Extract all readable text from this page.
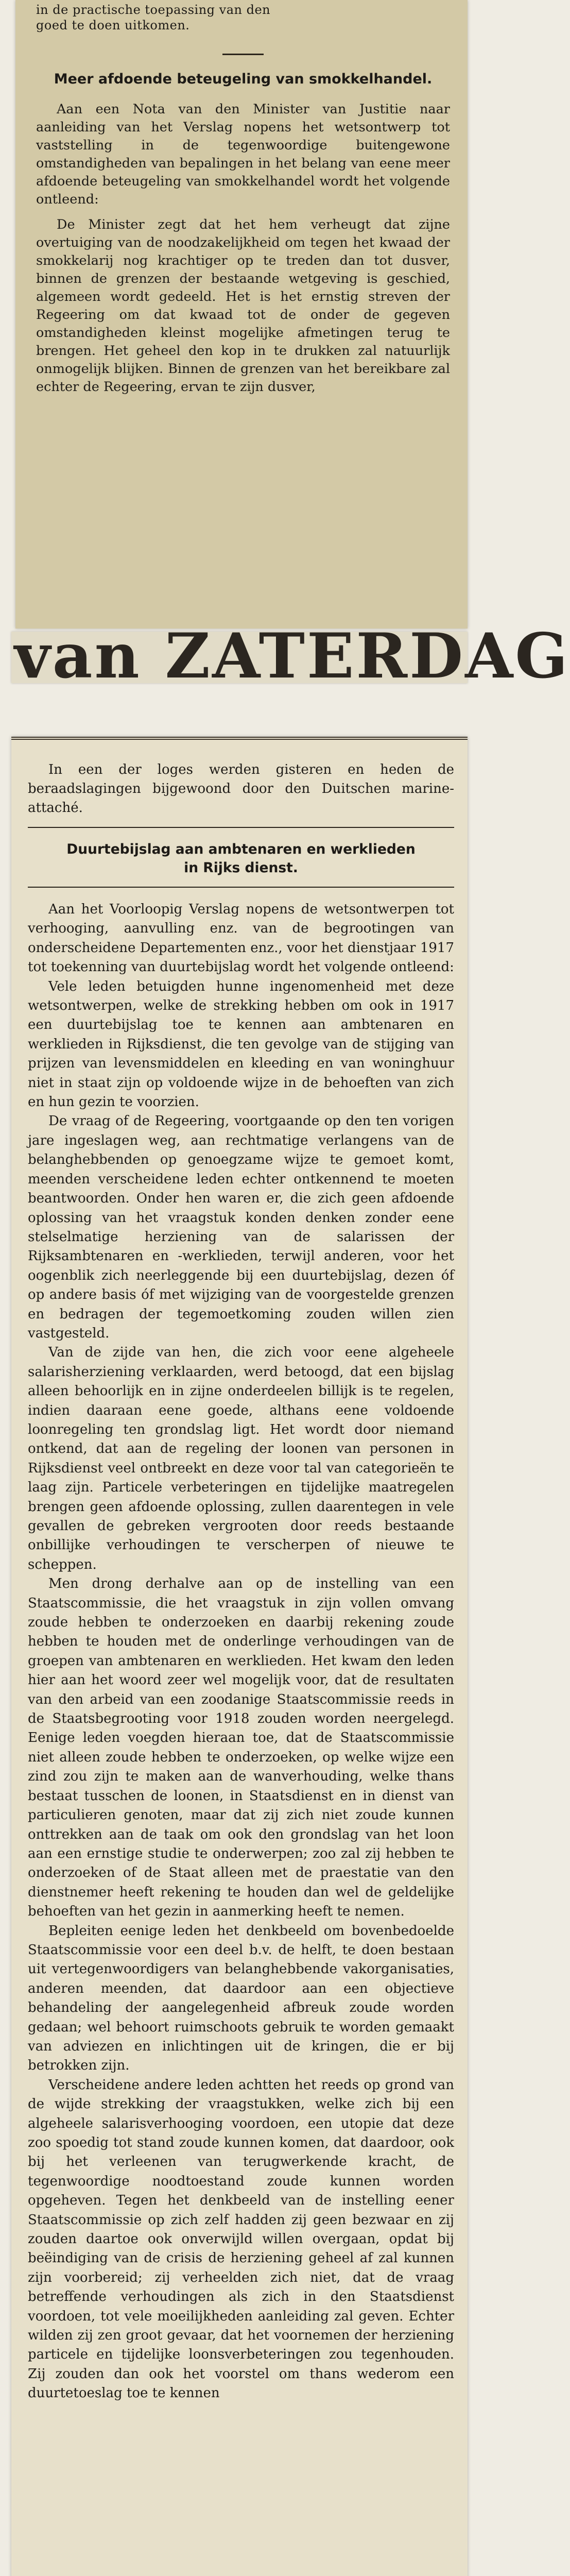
in de practische toepassing van den
goed te doen uitkomen.
Meer afdoende beteugeling van smokkelhandel.

Aan een Nota van den Minister van Justitie naar aanleiding van het Verslag nopens het wetsontwerp tot vaststelling in de tegenwoordige buitengewone omstandigheden van bepalingen in het belang van eene meer afdoende beteugeling van smokkelhandel wordt het volgende ontleend:

De Minister zegt dat het hem verheugt dat zijne overtuiging van de noodzakelijkheid om tegen het kwaad der smokkelarij nog krachtiger op te treden dan tot dusver, binnen de grenzen der bestaande wetgeving is geschied, algemeen wordt gedeeld. Het is het ernstig streven der Regeering om dat kwaad tot de onder de gegeven omstandigheden kleinst mogelijke afmetingen terug te brengen. Het geheel den kop in te drukken zal natuurlijk onmogelijk blijken. Binnen de grenzen van het bereikbare zal echter de Regeering, ervan te zijn dusver,

van ZATERDAG

In een der loges werden gisteren en heden de beraadslagingen bijgewoond door den Duitschen marine-attaché.

Duurtebijslag aan ambtenaren en werklieden
in Rijks dienst.

Aan het Voorloopig Verslag nopens de wetsontwerpen tot verhooging, aanvulling enz. van de begrootingen van onderscheidene Departementen enz., voor het dienstjaar 1917 tot toekenning van duurtebijslag wordt het volgende ontleend:

Vele leden betuigden hunne ingenomenheid met deze wetsontwerpen, welke de strekking hebben om ook in 1917 een duurtebijslag toe te kennen aan ambtenaren en werklieden in Rijksdienst, die ten gevolge van de stijging van prijzen van levensmiddelen en kleeding en van woninghuur niet in staat zijn op voldoende wijze in de behoeften van zich en hun gezin te voorzien.

De vraag of de Regeering, voortgaande op den ten vorigen jare ingeslagen weg, aan rechtmatige verlangens van de belanghebbenden op genoegzame wijze te gemoet komt, meenden verscheidene leden echter ontkennend te moeten beantwoorden. Onder hen waren er, die zich geen afdoende oplossing van het vraagstuk konden denken zonder eene stelselmatige herziening van de salarissen der Rijksambtenaren en -werklieden, terwijl anderen, voor het oogenblik zich neerleggende bij een duurtebijslag, dezen óf op andere basis óf met wijziging van de voorgestelde grenzen en bedragen der tegemoetkoming zouden willen zien vastgesteld.

Van de zijde van hen, die zich voor eene algeheele salarisherziening verklaarden, werd betoogd, dat een bijslag alleen behoorlijk en in zijne onderdeelen billijk is te regelen, indien daaraan eene goede, althans eene voldoende loonregeling ten grondslag ligt. Het wordt door niemand ontkend, dat aan de regeling der loonen van personen in Rijksdienst veel ontbreekt en deze voor tal van categorieën te laag zijn. Particele verbeteringen en tijdelijke maatregelen brengen geen afdoende oplossing, zullen daarentegen in vele gevallen de gebreken vergrooten door reeds bestaande onbillijke verhoudingen te verscherpen of nieuwe te scheppen.

Men drong derhalve aan op de instelling van een Staatscommissie, die het vraagstuk in zijn vollen omvang zoude hebben te onderzoeken en daarbij rekening zoude hebben te houden met de onderlinge verhoudingen van de groepen van ambtenaren en werklieden. Het kwam den leden hier aan het woord zeer wel mogelijk voor, dat de resultaten van den arbeid van een zoodanige Staatscommissie reeds in de Staatsbegrooting voor 1918 zouden worden neergelegd. Eenige leden voegden hieraan toe, dat de Staatscommissie niet alleen zoude hebben te onderzoeken, op welke wijze een zind zou zijn te maken aan de wanverhouding, welke thans bestaat tusschen de loonen, in Staatsdienst en in dienst van particulieren genoten, maar dat zij zich niet zoude kunnen onttrekken aan de taak om ook den grondslag van het loon aan een ernstige studie te onderwerpen; zoo zal zij hebben te onderzoeken of de Staat alleen met de praestatie van den dienstnemer heeft rekening te houden dan wel de geldelijke behoeften van het gezin in aanmerking heeft te nemen.

Bepleiten eenige leden het denkbeeld om bovenbedoelde Staatscommissie voor een deel b.v. de helft, te doen bestaan uit vertegenwoordigers van belanghebbende vakorganisaties, anderen meenden, dat daardoor aan een objectieve behandeling der aangelegenheid afbreuk zoude worden gedaan; wel behoort ruimschoots gebruik te worden gemaakt van adviezen en inlichtingen uit de kringen, die er bij betrokken zijn.

Verscheidene andere leden achtten het reeds op grond van de wijde strekking der vraagstukken, welke zich bij een algeheele salarisverhooging voordoen, een utopie dat deze zoo spoedig tot stand zoude kunnen komen, dat daardoor, ook bij het verleenen van terugwerkende kracht, de tegenwoordige noodtoestand zoude kunnen worden opgeheven. Tegen het denkbeeld van de instelling eener Staatscommissie op zich zelf hadden zij geen bezwaar en zij zouden daartoe ook onverwijld willen overgaan, opdat bij beëindiging van de crisis de herziening geheel af zal kunnen zijn voorbereid; zij verheelden zich niet, dat de vraag betreffende verhoudingen als zich in den Staatsdienst voordoen, tot vele moeilijkheden aanleiding zal geven. Echter wilden zij zen groot gevaar, dat het voornemen der herziening particele en tijdelijke loonsverbeteringen zou tegenhouden. Zij zouden dan ook het voorstel om thans wederom een duurtetoeslag toe te kennen
